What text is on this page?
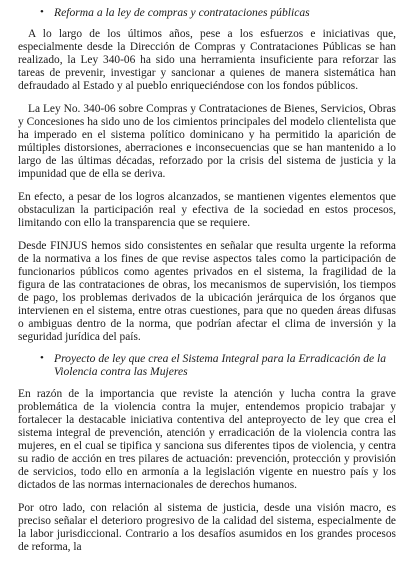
• Reforma a la ley de compras y contrataciones públicas

A lo largo de los últimos años, pese a los esfuerzos e iniciativas que, especialmente desde la Dirección de Compras y Contrataciones Públicas se han realizado, la Ley 340-06 ha sido una herramienta insuficiente para reforzar las tareas de prevenir, investigar y sancionar a quienes de manera sistemática han defraudado al Estado y al pueblo enriqueciéndose con los fondos públicos.

La Ley No. 340-06 sobre Compras y Contrataciones de Bienes, Servicios, Obras y Concesiones ha sido uno de los cimientos principales del modelo clientelista que ha imperado en el sistema político dominicano y ha permitido la aparición de múltiples distorsiones, aberraciones e inconsecuencias que se han mantenido a lo largo de las últimas décadas, reforzado por la crisis del sistema de justicia y la impunidad que de ella se deriva.

En efecto, a pesar de los logros alcanzados, se mantienen vigentes elementos que obstaculizan la participación real y efectiva de la sociedad en estos procesos, limitando con ello la transparencia que se requiere.

Desde FINJUS hemos sido consistentes en señalar que resulta urgente la reforma de la normativa a los fines de que revise aspectos tales como la participación de funcionarios públicos como agentes privados en el sistema, la fragilidad de la figura de las contrataciones de obras, los mecanismos de supervisión, los tiempos de pago, los problemas derivados de la ubicación jerárquica de los órganos que intervienen en el sistema, entre otras cuestiones, para que no queden áreas difusas o ambiguas dentro de la norma, que podrían afectar el clima de inversión y la seguridad jurídica del país.

• Proyecto de ley que crea el Sistema Integral para la Erradicación de la Violencia contra las Mujeres

En razón de la importancia que reviste la atención y lucha contra la grave problemática de la violencia contra la mujer, entendemos propicio trabajar y fortalecer la destacable iniciativa contentiva del anteproyecto de ley que crea el sistema integral de prevención, atención y erradicación de la violencia contra las mujeres, en el cual se tipifica y sanciona sus diferentes tipos de violencia, y centra su radio de acción en tres pilares de actuación: prevención, protección y provisión de servicios, todo ello en armonía a la legislación vigente en nuestro país y los dictados de las normas internacionales de derechos humanos.

Por otro lado, con relación al sistema de justicia, desde una visión macro, es preciso señalar el deterioro progresivo de la calidad del sistema, especialmente de la labor jurisdiccional. Contrario a los desafíos asumidos en los grandes procesos de reforma, la
